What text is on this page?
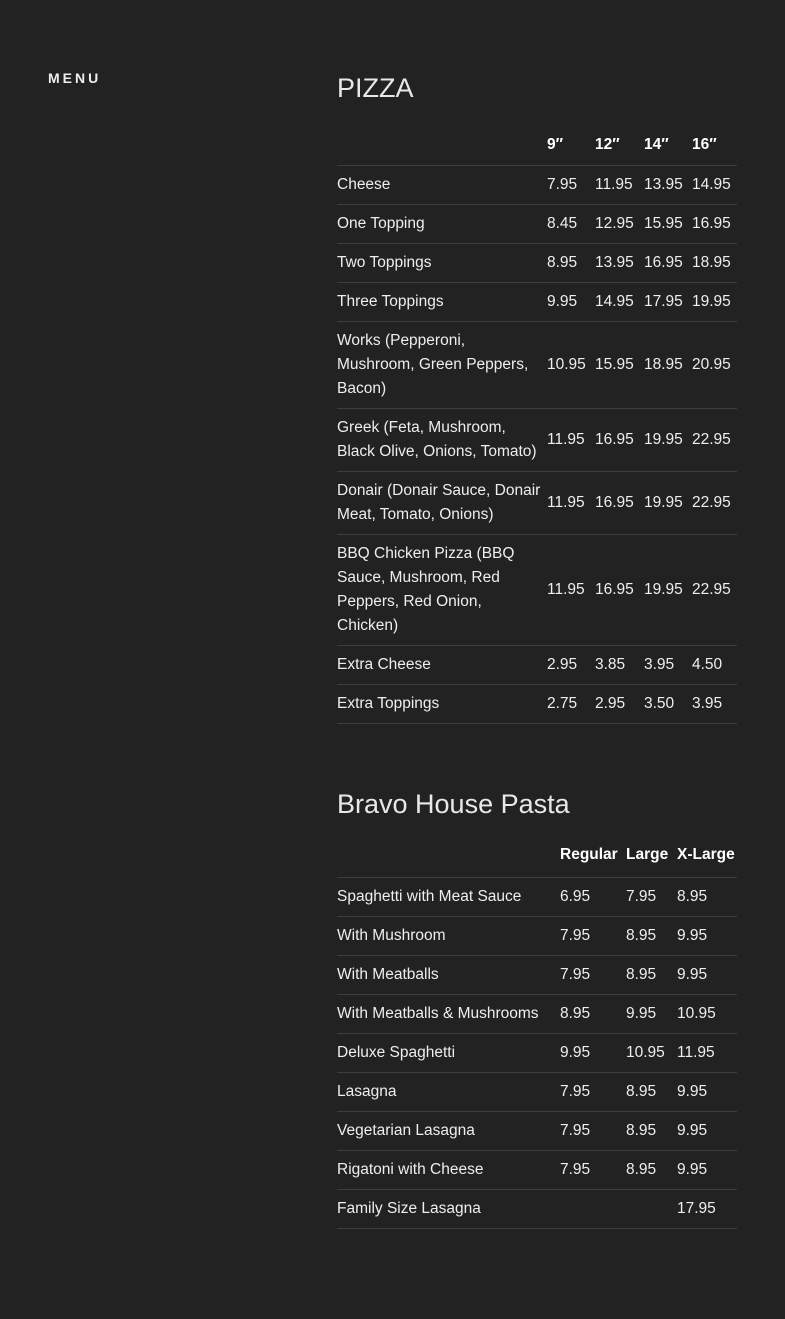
MENU	PIZZA
	9″	12″	14″	16″
Cheese	7.95	11.95	13.95	14.95
One Topping	8.45	12.95	15.95	16.95
Two Toppings	8.95	13.95	16.95	18.95
Three Toppings	9.95	14.95	17.95	19.95
Works (Pepperoni, Mushroom, Green Peppers, Bacon)	10.95	15.95	18.95	20.95
Greek (Feta, Mushroom, Black Olive, Onions, Tomato)	11.95	16.95	19.95	22.95
Donair (Donair Sauce, Donair Meat, Tomato, Onions)	11.95	16.95	19.95	22.95
BBQ Chicken Pizza (BBQ Sauce, Mushroom, Red Peppers, Red Onion, Chicken)	11.95	16.95	19.95	22.95
Extra Cheese	2.95	3.85	3.95	4.50
Extra Toppings	2.75	2.95	3.50	3.95
Bravo House Pasta
	Regular	Large	X-Large
Spaghetti with Meat Sauce	6.95	7.95	8.95
With Mushroom	7.95	8.95	9.95
With Meatballs	7.95	8.95	9.95
With Meatballs & Mushrooms	8.95	9.95	10.95
Deluxe Spaghetti	9.95	10.95	11.95
Lasagna	7.95	8.95	9.95
Vegetarian Lasagna	7.95	8.95	9.95
Rigatoni with Cheese	7.95	8.95	9.95
Family Size Lasagna			17.95
